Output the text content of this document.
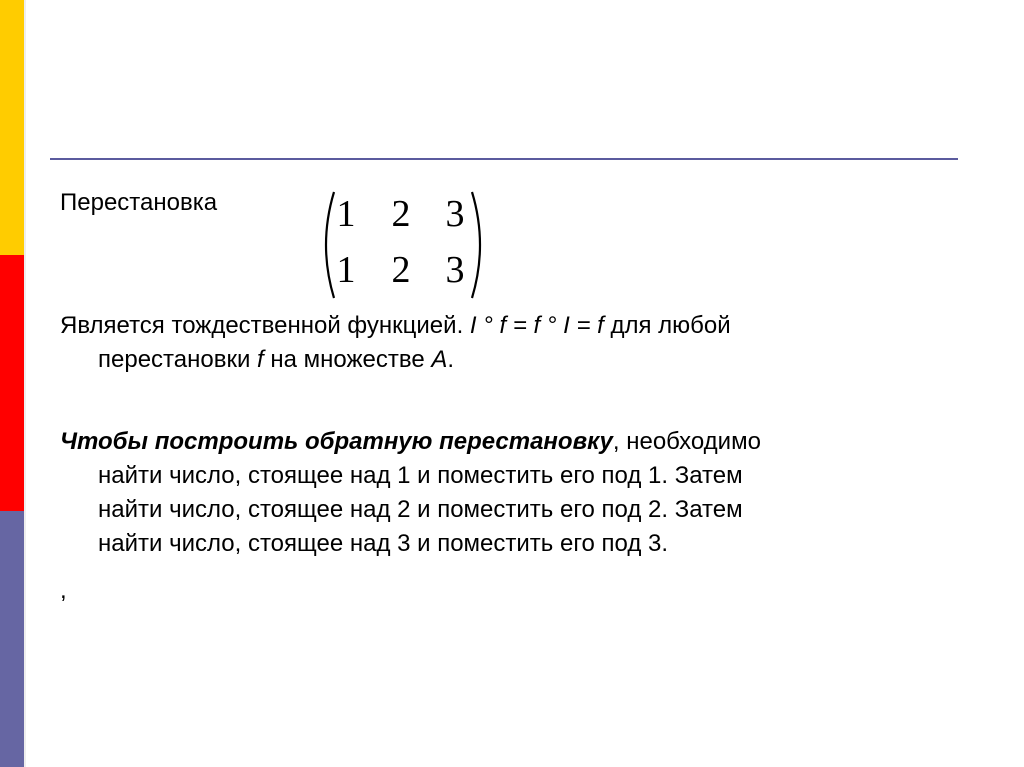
Перестановка	1 2 3
1 2 3
Является тождественной функцией. I ° f = f ° I = f для любой
перестановки f на множестве A.
Чтобы построить обратную перестановку, необходимо
найти число, стоящее над 1 и поместить его под 1. Затем
найти число, стоящее над 2 и поместить его под 2. Затем
найти число, стоящее над 3 и поместить его под 3.
,
